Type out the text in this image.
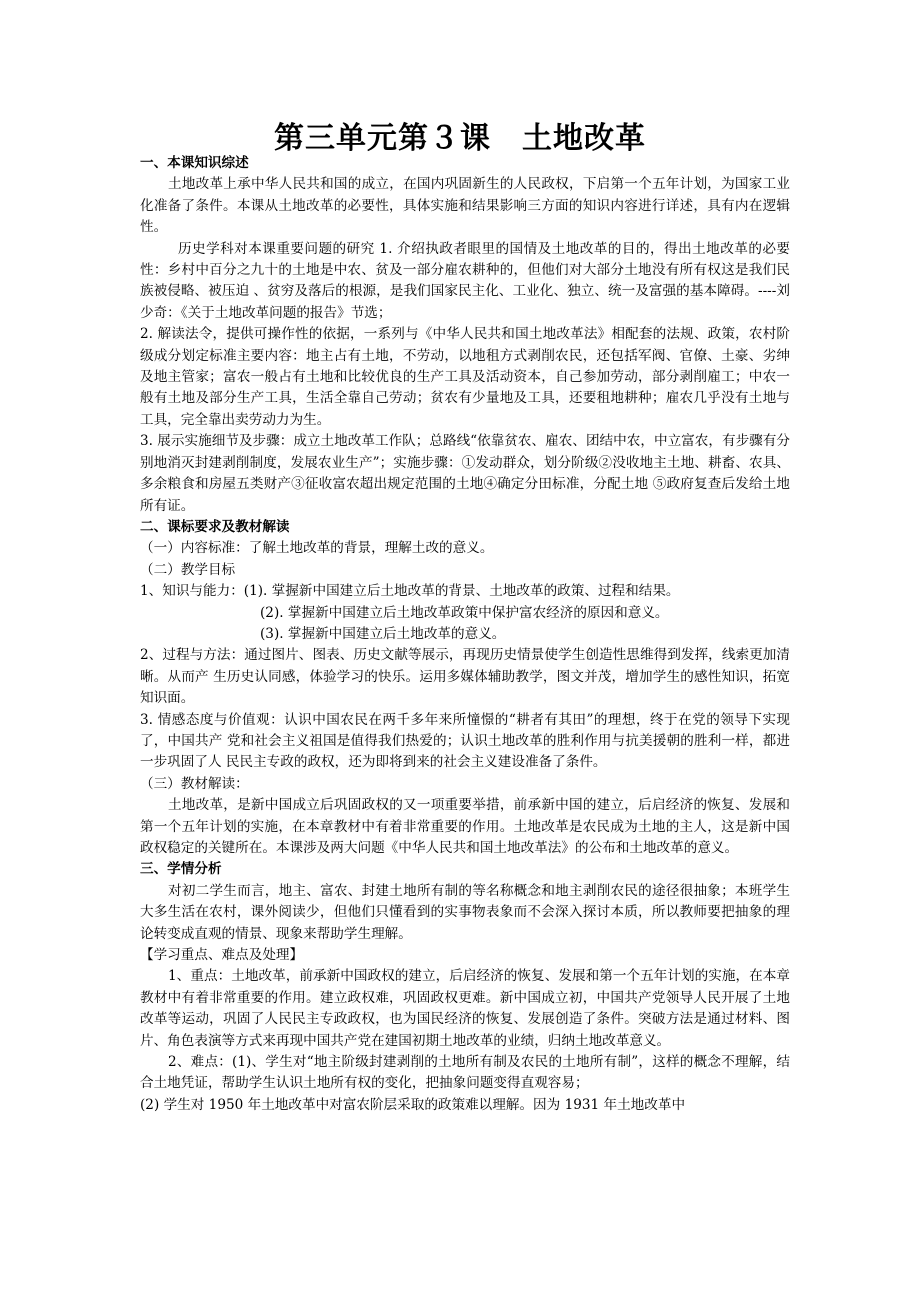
第三单元第３课　土地改革

一、本课知识综述

土地改革上承中华人民共和国的成立，在国内巩固新生的人民政权，下启第一个五年计划，为国家工业化准备了条件。本课从土地改革的必要性，具体实施和结果影响三方面的知识内容进行详述，具有内在逻辑性。

历史学科对本课重要问题的研究 1. 介绍执政者眼里的国情及土地改革的目的，得出土地改革的必要性：乡村中百分之九十的土地是中农、贫及一部分雇农耕种的，但他们对大部分土地没有所有权这是我们民族被侵略、被压迫 、贫穷及落后的根源，是我们国家民主化、工业化、独立、统一及富强的基本障碍。----刘少奇：《关于土地改革问题的报告》节选；

2. 解读法令，提供可操作性的依据，一系列与《中华人民共和国土地改革法》相配套的法规、政策，农村阶级成分划定标准主要内容：地主占有土地，不劳动，以地租方式剥削农民，还包括军阀、官僚、土豪、劣绅及地主管家；富农一般占有土地和比较优良的生产工具及活动资本，自己参加劳动，部分剥削雇工；中农一般有土地及部分生产工具，生活全靠自己劳动；贫农有少量地及工具，还要租地耕种；雇农几乎没有土地与工具，完全靠出卖劳动力为生。

3. 展示实施细节及步骤：成立土地改革工作队；总路线“依靠贫农、雇农、团结中农，中立富农，有步骤有分别地消灭封建剥削制度，发展农业生产”；实施步骤：①发动群众，划分阶级②没收地主土地、耕畜、农具、多余粮食和房屋五类财产③征收富农超出规定范围的土地④确定分田标准，分配土地 ⑤政府复查后发给土地所有证。

二、课标要求及教材解读

（一）内容标准：了解土地改革的背景，理解土改的意义。

（二）教学目标

1、知识与能力：(1). 掌握新中国建立后土地改革的背景、土地改革的政策、过程和结果。

(2). 掌握新中国建立后土地改革政策中保护富农经济的原因和意义。

(3). 掌握新中国建立后土地改革的意义。

2、过程与方法：通过图片、图表、历史文献等展示，再现历史情景使学生创造性思维得到发挥，线索更加清晰。从而产 生历史认同感，体验学习的快乐。运用多媒体辅助教学，图文并茂，增加学生的感性知识，拓宽知识面。

3. 情感态度与价值观：认识中国农民在两千多年来所憧憬的“耕者有其田”的理想，终于在党的领导下实现了，中国共产 党和社会主义祖国是值得我们热爱的；认识土地改革的胜利作用与抗美援朝的胜利一样，都进一步巩固了人 民民主专政的政权，还为即将到来的社会主义建设准备了条件。

（三）教材解读：

土地改革，是新中国成立后巩固政权的又一项重要举措，前承新中国的建立，后启经济的恢复、发展和第一个五年计划的实施，在本章教材中有着非常重要的作用。土地改革是农民成为土地的主人，这是新中国政权稳定的关键所在。本课涉及两大问题《中华人民共和国土地改革法》的公布和土地改革的意义。

三、学情分析

对初二学生而言，地主、富农、封建土地所有制的等名称概念和地主剥削农民的途径很抽象；本班学生大多生活在农村，课外阅读少，但他们只懂看到的实事物表象而不会深入探讨本质，所以教师要把抽象的理论转变成直观的情景、现象来帮助学生理解。

【学习重点、难点及处理】

1、重点：土地改革，前承新中国政权的建立，后启经济的恢复、发展和第一个五年计划的实施，在本章教材中有着非常重要的作用。建立政权难，巩固政权更难。新中国成立初，中国共产党领导人民开展了土地改革等运动，巩固了人民民主专政政权，也为国民经济的恢复、发展创造了条件。突破方法是通过材料、图片、角色表演等方式来再现中国共产党在建国初期土地改革的业绩，归纳土地改革意义。

2、难点：(1)、学生对“地主阶级封建剥削的土地所有制及农民的土地所有制”，这样的概念不理解，结合土地凭证，帮助学生认识土地所有权的变化，把抽象问题变得直观容易；

(2) 学生对 1950 年土地改革中对富农阶层采取的政策难以理解。因为 1931 年土地改革中
